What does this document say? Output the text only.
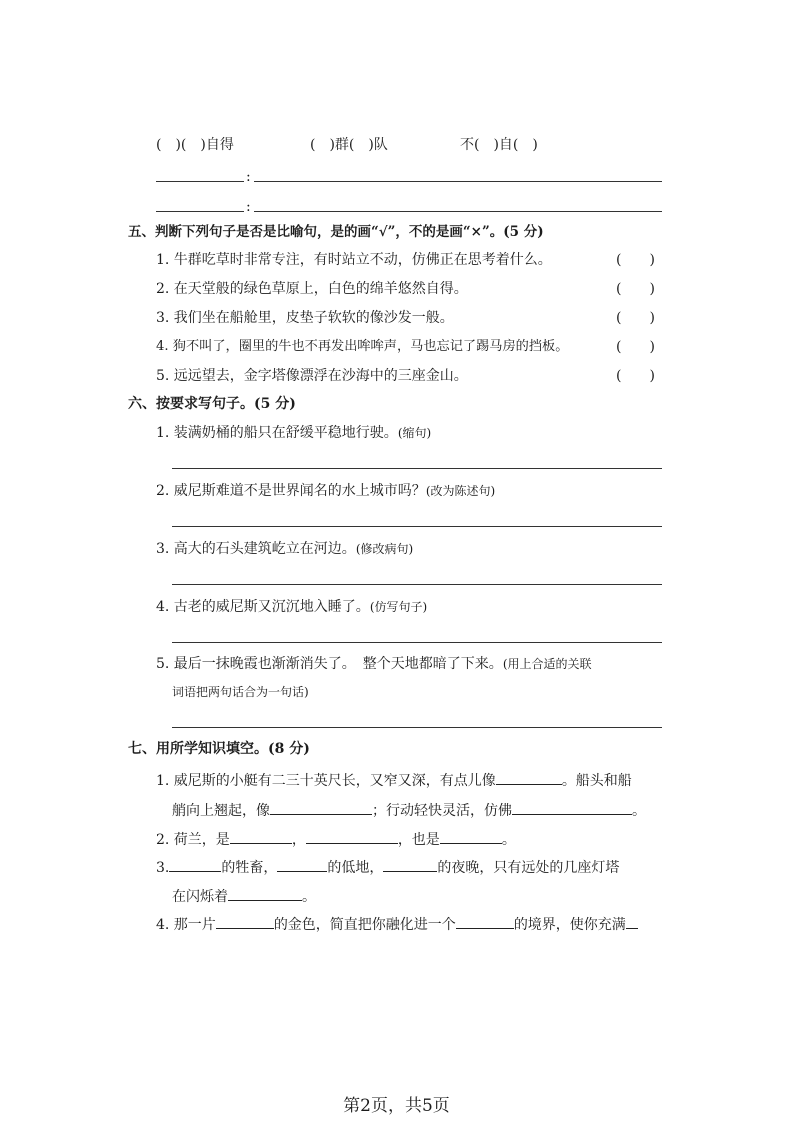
(　)(　)自得	(　)群(　)队	不(　)自(　)
:
:
五、判断下列句子是否是比喻句，是的画“√”，不的是画“×”。(5 分)
1. 牛群吃草时非常专注，有时站立不动，仿佛正在思考着什么。	(　　)
2. 在天堂般的绿色草原上，白色的绵羊悠然自得。	(　　)
3. 我们坐在船舱里，皮垫子软软的像沙发一般。	(　　)
4. 狗不叫了，圈里的牛也不再发出哞哞声，马也忘记了踢马房的挡板。	(　　)
5. 远远望去，金字塔像漂浮在沙海中的三座金山。	(　　)
六、按要求写句子。(5 分)
1. 装满奶桶的船只在舒缓平稳地行驶。(缩句)
2. 威尼斯难道不是世界闻名的水上城市吗？(改为陈述句)
3. 高大的石头建筑屹立在河边。(修改病句)
4. 古老的威尼斯又沉沉地入睡了。(仿写句子)
5. 最后一抹晚霞也渐渐消失了。　整个天地都暗了下来。(用上合适的关联
词语把两句话合为一句话)
七、用所学知识填空。(8 分)
1. 威尼斯的小艇有二三十英尺长，又窄又深，有点儿像	。船头和船
艄向上翘起，像	；行动轻快灵活，仿佛	。
2. 荷兰，是	，	，也是	。
3.	的牲畜，	的低地，	的夜晚，只有远处的几座灯塔
在闪烁着	。
4. 那一片	的金色，简直把你融化进一个	的境界，使你充满
第2页，共5页
